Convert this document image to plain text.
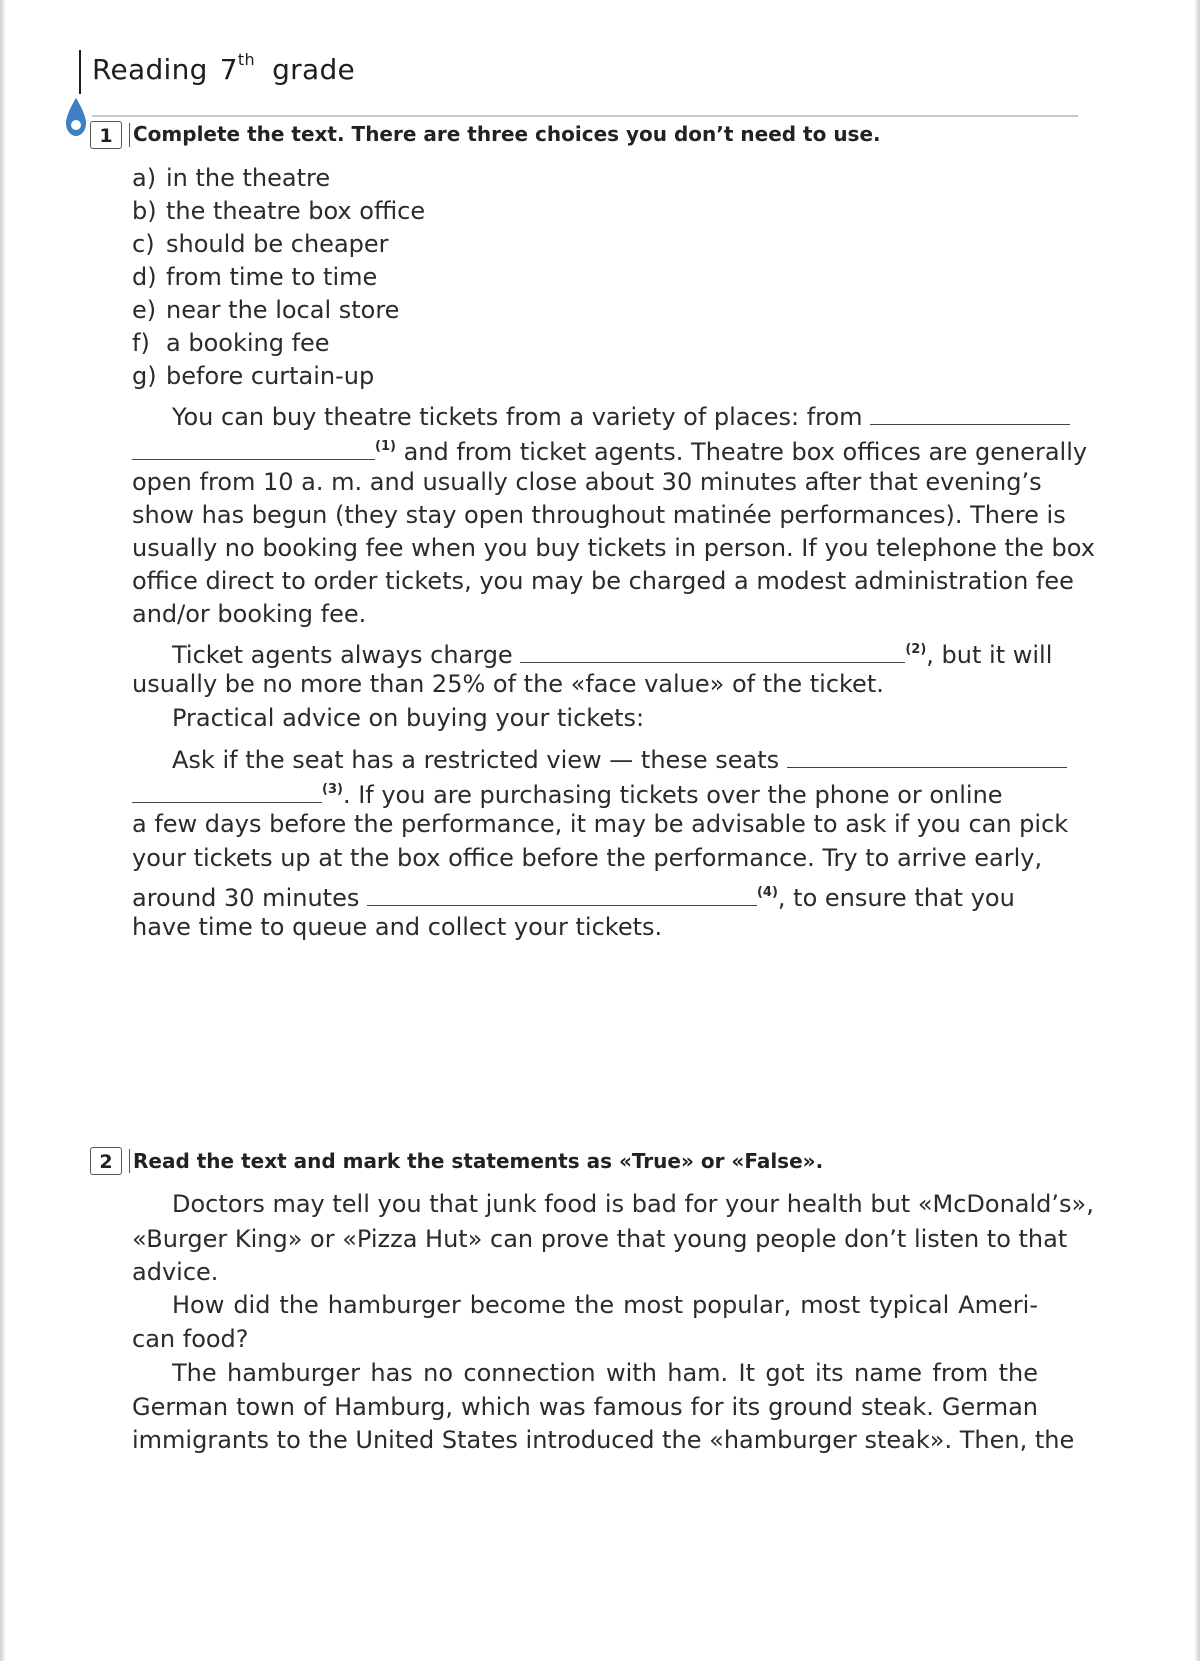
Reading 7th grade
1	Complete the text. There are three choices you don’t need to use.
a) in the theatre
b) the theatre box office
c) should be cheaper
d) from time to time
e) near the local store
f) a booking fee
g) before curtain-up
You can buy theatre tickets from a variety of places: from
$^{(1)}$ and from ticket agents. Theatre box offices are generally
open from 10 a. m. and usually close about 30 minutes after that evening’s
show has begun (they stay open throughout matinée performances). There is
usually no booking fee when you buy tickets in person. If you telephone the box
office direct to order tickets, you may be charged a modest administration fee
and/or booking fee.
Ticket agents always charge	$^{(2)}$, but it will
usually be no more than 25% of the «face value» of the ticket.
Practical advice on buying your tickets:
Ask if the seat has a restricted view — these seats
$^{(3)}$. If you are purchasing tickets over the phone or online
a few days before the performance, it may be advisable to ask if you can pick
your tickets up at the box office before the performance. Try to arrive early,
around 30 minutes	$^{(4)}$, to ensure that you
have time to queue and collect your tickets.
2	Read the text and mark the statements as «True» or «False».
Doctors may tell you that junk food is bad for your health but «McDonald’s»,
«Burger King» or «Pizza Hut» can prove that young people don’t listen to that
advice.
How did the hamburger become the most popular, most typical Ameri-
can food?
The hamburger has no connection with ham. It got its name from the
German town of Hamburg, which was famous for its ground steak. German
immigrants to the United States introduced the «hamburger steak». Then, the
